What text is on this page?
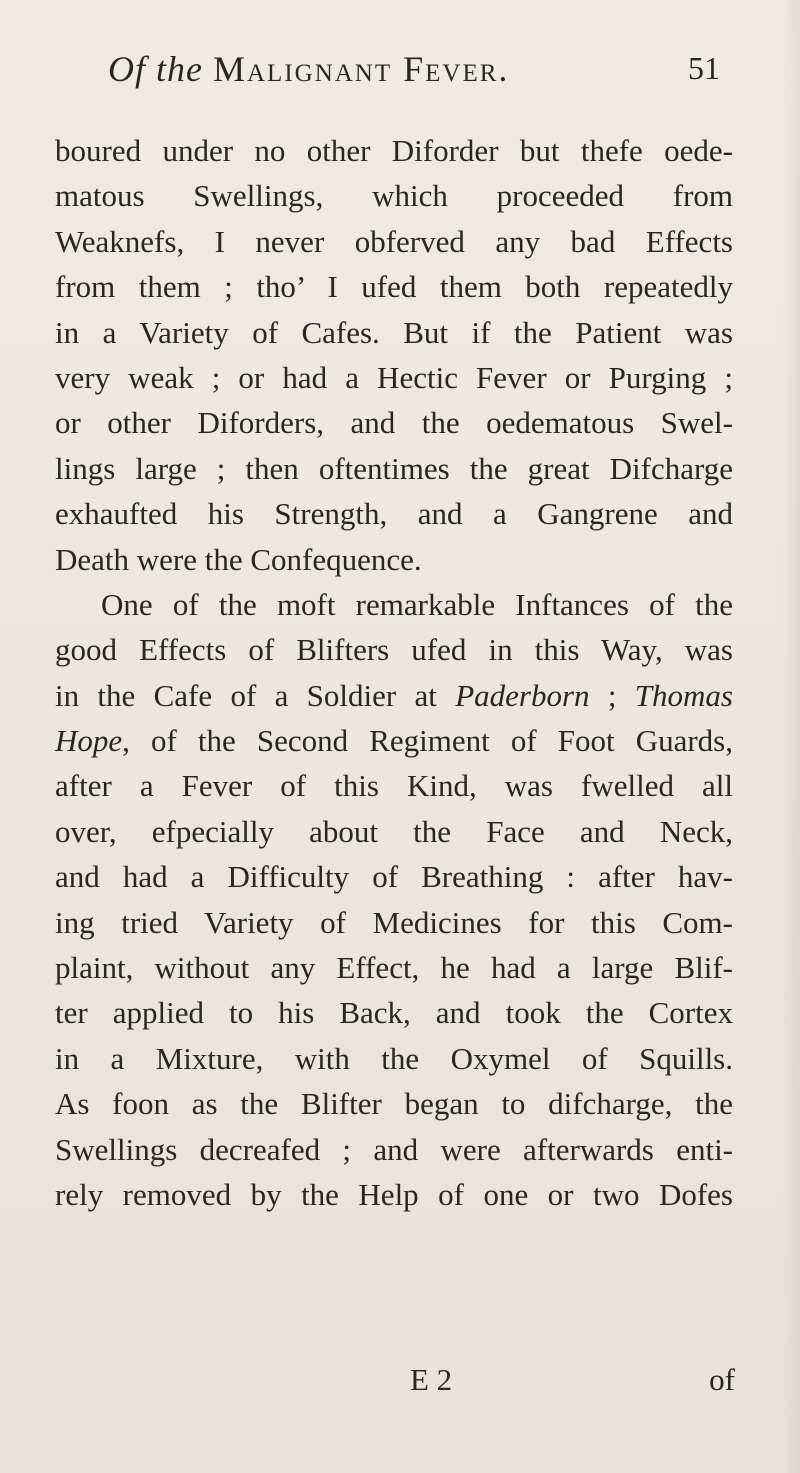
Of the Malignant Fever.	51
boured under no other Diforder but thefe oede-
matous Swellings, which proceeded from
Weaknefs, I never obferved any bad Effects
from them ; tho’ I ufed them both repeatedly
in a Variety of Cafes. But if the Patient was
very weak ; or had a Hectic Fever or Purging ;
or other Diforders, and the oedematous Swel-
lings large ; then oftentimes the great Difcharge
exhaufted his Strength, and a Gangrene and
Death were the Confequence.
One of the moft remarkable Inftances of the
good Effects of Blifters ufed in this Way, was
in the Cafe of a Soldier at Paderborn ; Thomas
Hope, of the Second Regiment of Foot Guards,
after a Fever of this Kind, was fwelled all
over, efpecially about the Face and Neck,
and had a Difficulty of Breathing : after hav-
ing tried Variety of Medicines for this Com-
plaint, without any Effect, he had a large Blif-
ter applied to his Back, and took the Cortex
in a Mixture, with the Oxymel of Squills.
As foon as the Blifter began to difcharge, the
Swellings decreafed ; and were afterwards enti-
rely removed by the Help of one or two Dofes
E 2	of
